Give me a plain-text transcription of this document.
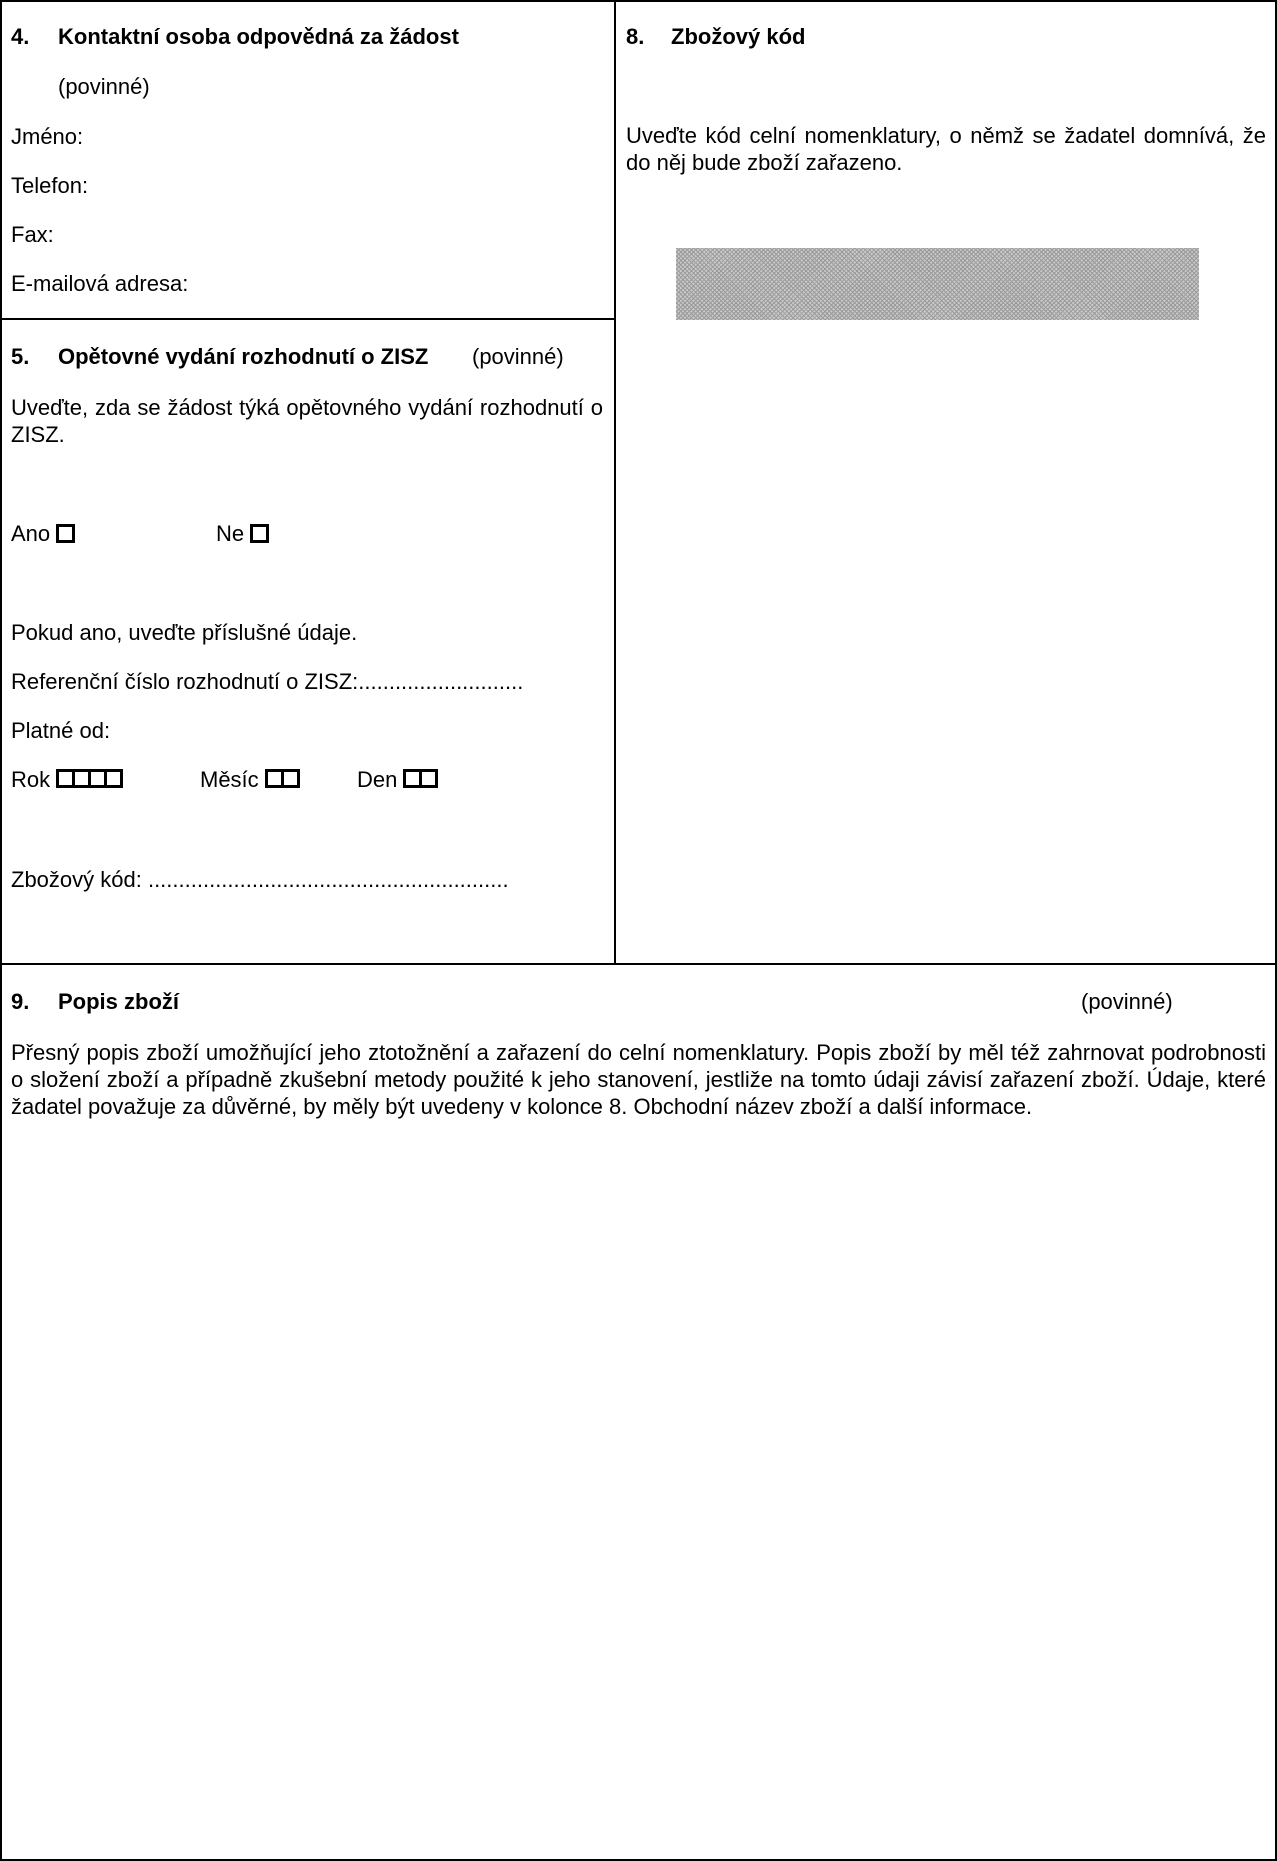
4. Kontaktní osoba odpovědná za žádost
(povinné)
Jméno:
Telefon:
Fax:
E-mailová adresa:
8. Zbožový kód
Uveďte kód celní nomenklatury, o němž se žadatel domnívá, že do něj bude zboží zařazeno.
5. Opětovné vydání rozhodnutí o ZISZ (povinné)
Uveďte, zda se žádost týká opětovného vydání rozhodnutí o ZISZ.
Ano	Ne
Pokud ano, uveďte příslušné údaje.
Referenční číslo rozhodnutí o ZISZ:...........................
Platné od:
Rok	Měsíc	Den
Zbožový kód: ...........................................................
9. Popis zboží	(povinné)
Přesný popis zboží umožňující jeho ztotožnění a zařazení do celní nomenklatury. Popis zboží by měl též zahrnovat podrobnosti o složení zboží a případně zkušební metody použité k jeho stanovení, jestliže na tomto údaji závisí zařazení zboží. Údaje, které žadatel považuje za důvěrné, by měly být uvedeny v kolonce 8. Obchodní název zboží a další informace.
